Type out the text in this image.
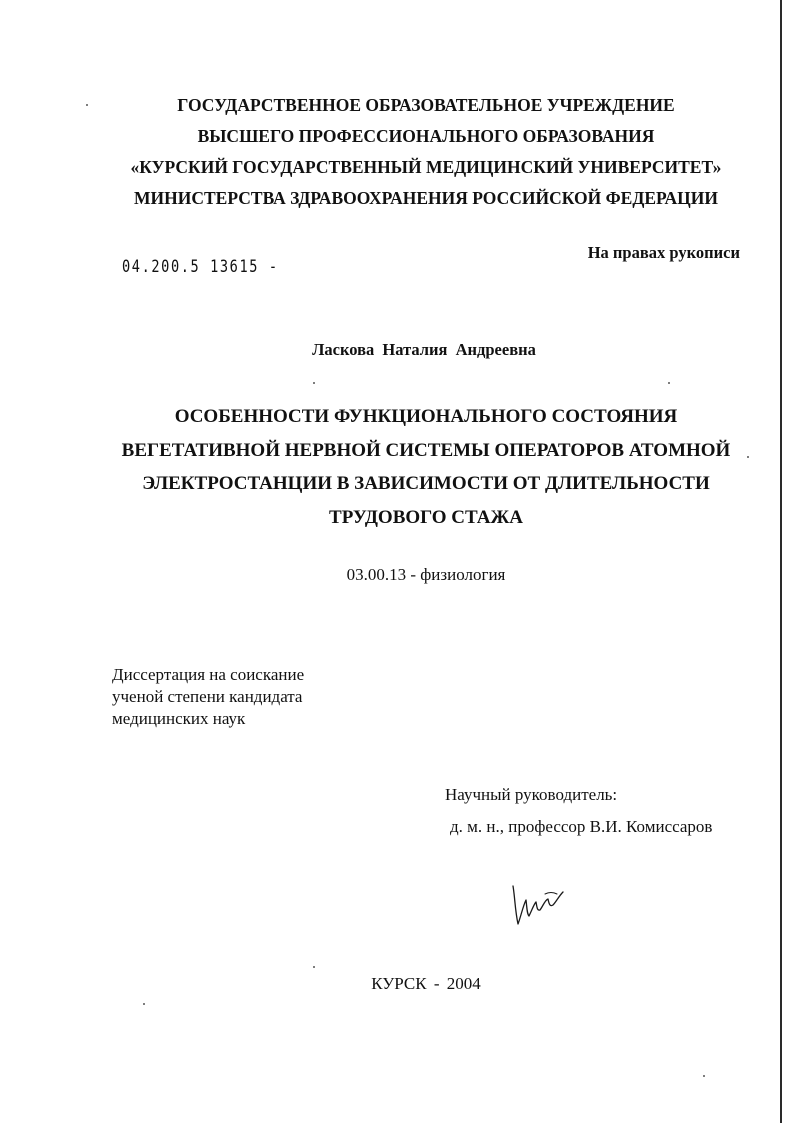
ГОСУДАРСТВЕННОЕ ОБРАЗОВАТЕЛЬНОЕ УЧРЕЖДЕНИЕ
ВЫСШЕГО ПРОФЕССИОНАЛЬНОГО ОБРАЗОВАНИЯ
«КУРСКИЙ ГОСУДАРСТВЕННЫЙ МЕДИЦИНСКИЙ УНИВЕРСИТЕТ»
МИНИСТЕРСТВА ЗДРАВООХРАНЕНИЯ РОССИЙСКОЙ ФЕДЕРАЦИИ
04.200.5 13615 -
На правах рукописи
Ласкова Наталия Андреевна
ОСОБЕННОСТИ ФУНКЦИОНАЛЬНОГО СОСТОЯНИЯ
ВЕГЕТАТИВНОЙ НЕРВНОЙ СИСТЕМЫ ОПЕРАТОРОВ АТОМНОЙ
ЭЛЕКТРОСТАНЦИИ В ЗАВИСИМОСТИ ОТ ДЛИТЕЛЬНОСТИ
ТРУДОВОГО СТАЖА
03.00.13 - физиология
Диссертация на соискание
ученой степени кандидата
медицинских наук
Научный руководитель:
д. м. н., профессор В.И. Комиссаров
КУРСК - 2004
